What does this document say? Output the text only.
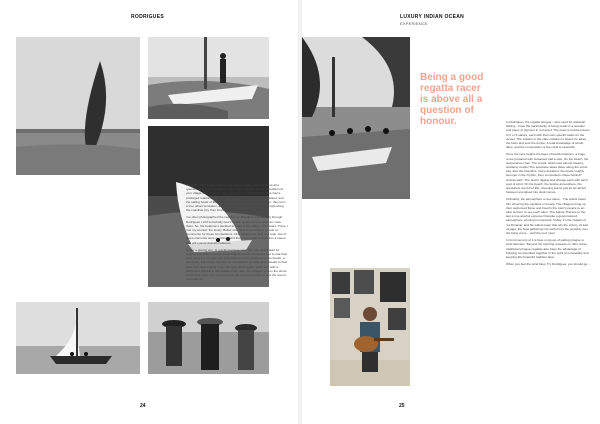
RODRIGUES
24
LUXURY INDIAN OCEAN
EXPERIENCE
Being a good regatta racer is above all a question of honour.

For those fond of the coast, being a good regatta racer is about all a question of honour. Not just for your team, but also for the reputation of your village and relatives. The generations of Rodriguans have had a privileged relationship with the sea since the founding of the island, and the sailing boats of the island keep part of that DNA. Moreover, they form a true urban sensation, and certain pirogue boats are known right along the coastline (Cy from Cotheau Pirogues La Diamante ...).

I've often photographed the regattas on Mauritius and passing through Rodrigues I told somebody how I'd been spellbound as soon as I saw them. So, the boatman I decided to head to the village of Graviers. There I met my contact: the lovely 'Bullet' who sent us a crowd of people of Commerce for these competitions. First attached to sails to a boat, two of these elements were combined and they knew what to build into a canoe that will ensure that all creatures.

Under a glaring sun, at quickly became clear the race would start for another few hours, so that small islands people and those feet to ride their boat. Now it is our turn, the preparations of the pirogues on the beach, a spectacle. This is the moment for competitors to make final tweaks to their sails and other rigging. Then the race starts again: early, and with a WHALE-A SHALE in the middle of the race, the villagers yell on the shore at the blue seas. The current is just the smell of freshness and the sound of emotions.

In Rodrigues, the regatta pirogue – also used for artisanal fishing – have the particularity of being made in a wooden and plane of pigment in red wood. The mast is reduced down to 5 or 6 sailors, each with their own specific tasks for the vessel. The captain or the cake captain on board: he takes the helm and sets the tempo. A total knowledge of winds, tides, and the composition of the coral is essential.

Once the race begins the layer of transformations: a huge cross prepared with sustained trail a sole. On the beach, the temperature rises. The crowd, which was almost dreamy, suddenly erupts! The spectacle takes place along the entire bay, also the downfine. Once departed, the boats roughly stronger in the rhythm; then competitors chase behind? Actual catch. The boat's rigging and change each with each gust of wind. On the beach, the festive atmosphere, the spectators are full of lifts, cheering teams just as we all felt between energised into dusk comes.

Ordinarily, the atmosphere a new wave... The artists travel him cheering the captains on board. The villagers bring up their welcomed flame and travel's the town's people to an altar at them to see each other. The Sainte Therese to the last a true alcohol expense! Despite a good-natured atmosphere, winning is important. Today, it's the captain of 'La Dimanie' and his sailors team that win the victory. At sad voyage, the boat gathering cup well prior's the possibly over the hang cross... until the next race!

In fond memory of it is hate on group of sailing pirogue or wind direction. Beyond the sporting prowess on offer, these traditional pirogue regattas also have the advantage of bringing communities together in the spirit of conviviality and keeping this beautiful tradition alive.

When you feel the wind blow, Try Rodrigues, you should go...

25
